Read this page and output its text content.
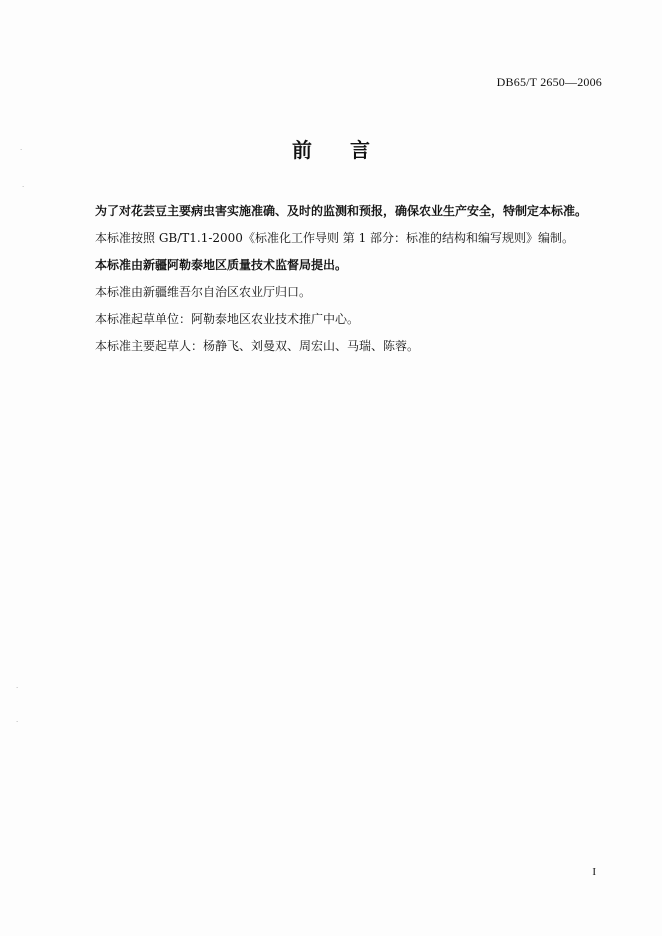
DB65/T 2650—2006
前 言
为了对花芸豆主要病虫害实施准确、及时的监测和预报，确保农业生产安全，特制定本标准。
本标准按照 GB/T1.1-2000《标准化工作导则 第 1 部分：标准的结构和编写规则》编制。
本标准由新疆阿勒泰地区质量技术监督局提出。
本标准由新疆维吾尔自治区农业厅归口。
本标准起草单位：阿勒泰地区农业技术推广中心。
本标准主要起草人：杨静飞、刘曼双、周宏山、马瑞、陈蓉。
I
·
·
·
·
